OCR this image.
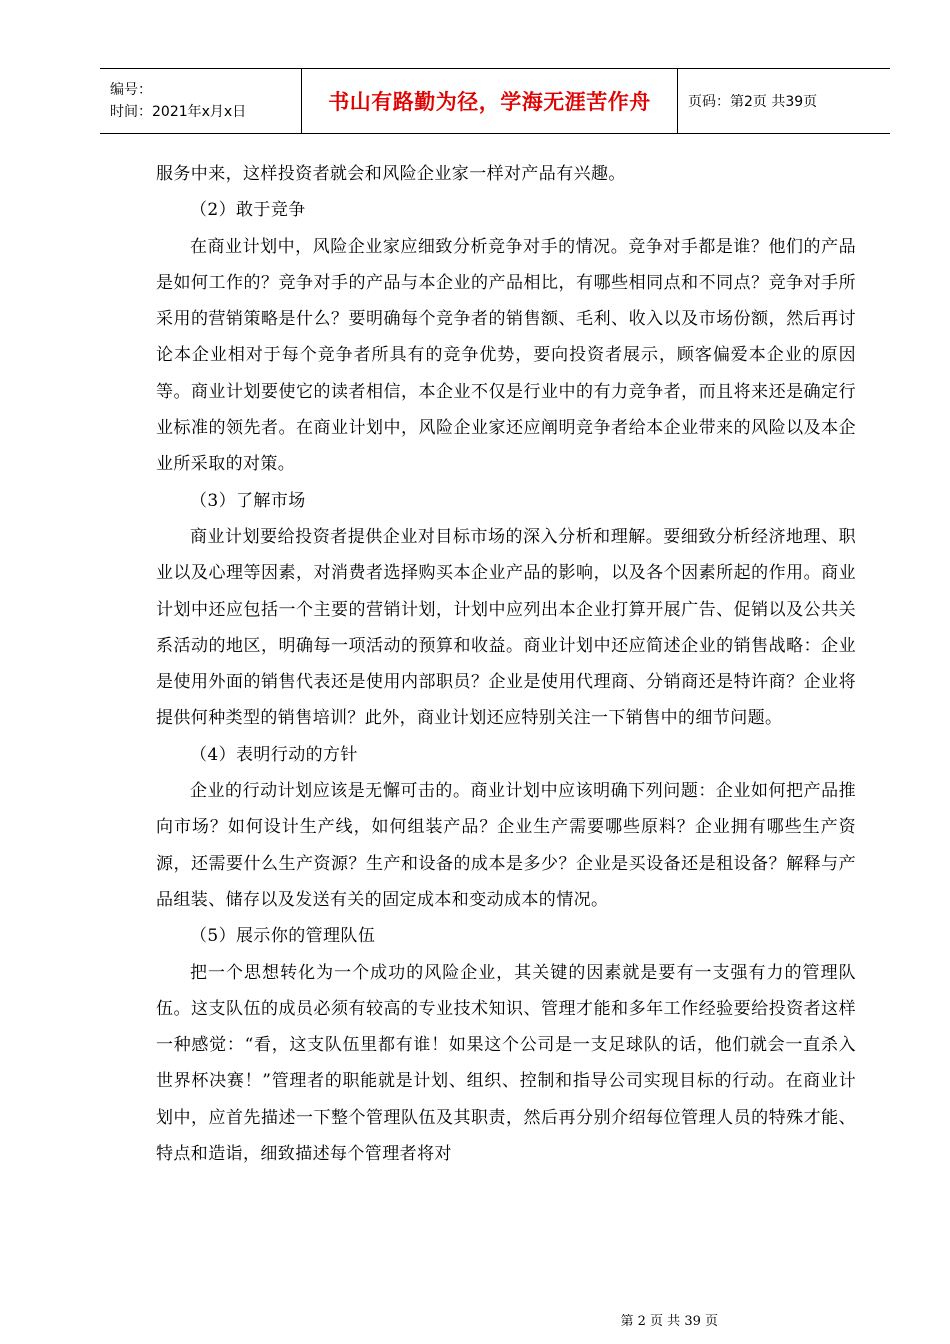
编号：
时间：2021年x月x日	书山有路勤为径，学海无涯苦作舟	页码：第2页 共39页

服务中来，这样投资者就会和风险企业家一样对产品有兴趣。

（2）敢于竞争

在商业计划中，风险企业家应细致分析竞争对手的情况。竞争对手都是谁？他们的产品是如何工作的？竞争对手的产品与本企业的产品相比，有哪些相同点和不同点？竞争对手所采用的营销策略是什么？要明确每个竞争者的销售额、毛利、收入以及市场份额，然后再讨论本企业相对于每个竞争者所具有的竞争优势，要向投资者展示，顾客偏爱本企业的原因等。商业计划要使它的读者相信，本企业不仅是行业中的有力竞争者，而且将来还是确定行业标准的领先者。在商业计划中，风险企业家还应阐明竞争者给本企业带来的风险以及本企业所采取的对策。

（3）了解市场

商业计划要给投资者提供企业对目标市场的深入分析和理解。要细致分析经济地理、职业以及心理等因素，对消费者选择购买本企业产品的影响，以及各个因素所起的作用。商业计划中还应包括一个主要的营销计划，计划中应列出本企业打算开展广告、促销以及公共关系活动的地区，明确每一项活动的预算和收益。商业计划中还应简述企业的销售战略：企业是使用外面的销售代表还是使用内部职员？企业是使用代理商、分销商还是特许商？企业将提供何种类型的销售培训？此外，商业计划还应特别关注一下销售中的细节问题。

（4）表明行动的方针

企业的行动计划应该是无懈可击的。商业计划中应该明确下列问题：企业如何把产品推向市场？如何设计生产线，如何组装产品？企业生产需要哪些原料？企业拥有哪些生产资源，还需要什么生产资源？生产和设备的成本是多少？企业是买设备还是租设备？解释与产品组装、储存以及发送有关的固定成本和变动成本的情况。

（5）展示你的管理队伍

把一个思想转化为一个成功的风险企业，其关键的因素就是要有一支强有力的管理队伍。这支队伍的成员必须有较高的专业技术知识、管理才能和多年工作经验要给投资者这样一种感觉：“看，这支队伍里都有谁！如果这个公司是一支足球队的话，他们就会一直杀入世界杯决赛！”管理者的职能就是计划、组织、控制和指导公司实现目标的行动。在商业计划中，应首先描述一下整个管理队伍及其职责，然后再分别介绍每位管理人员的特殊才能、特点和造诣，细致描述每个管理者将对

第 2 页 共 39 页
